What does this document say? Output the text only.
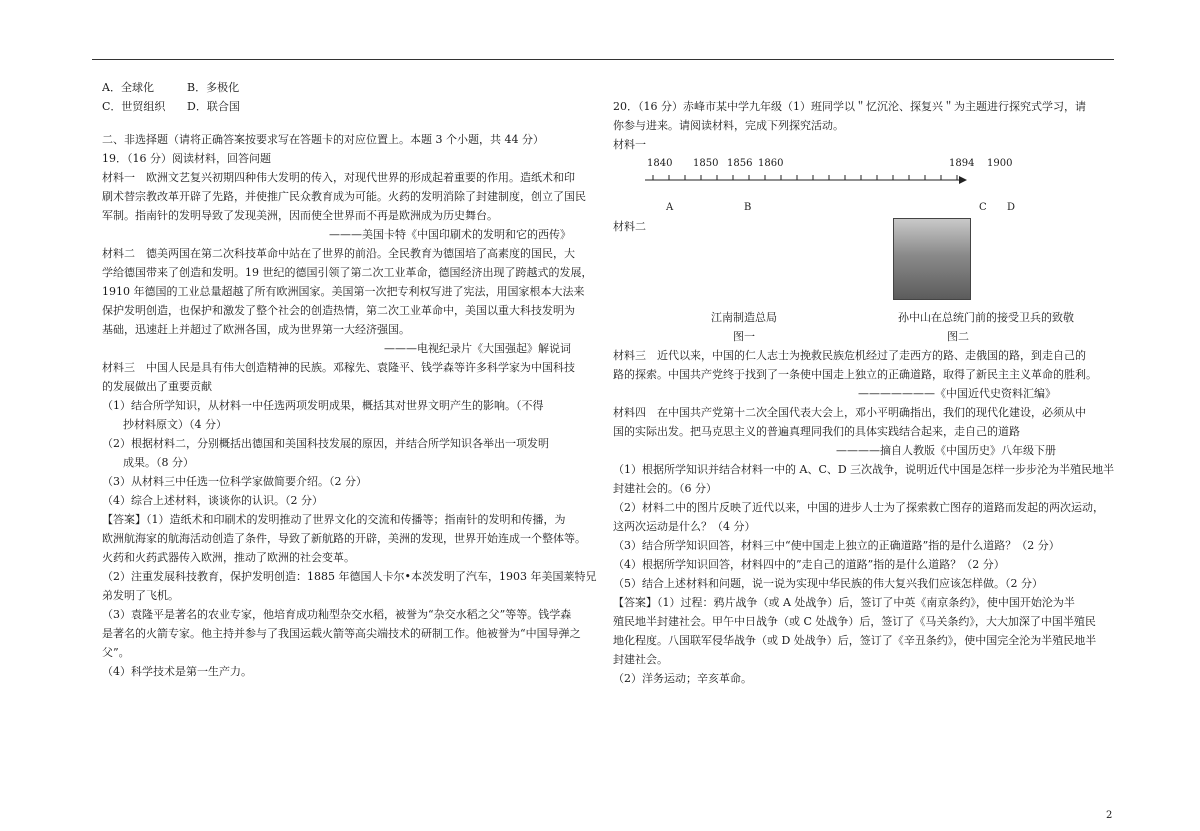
A．全球化	B．多极化
C．世贸组织	D．联合国
二、非选择题（请将正确答案按要求写在答题卡的对应位置上。本题 3 个小题，共 44 分）
19．（16 分）阅读材料，回答问题
材料一　欧洲文艺复兴初期四种伟大发明的传入，对现代世界的形成起着重要的作用。造纸术和印
刷术替宗教改革开辟了先路，并使推广民众教育成为可能。火药的发明消除了封建制度，创立了国民
军制。指南针的发明导致了发现美洲，因而使全世界而不再是欧洲成为历史舞台。
———美国卡特《中国印刷术的发明和它的西传》
材料二　德美两国在第二次科技革命中站在了世界的前沿。全民教育为德国培了高素度的国民，大
学给德国带来了创造和发明。19 世纪的德国引领了第二次工业革命，德国经济出现了跨越式的发展，
1910 年德国的工业总量超越了所有欧洲国家。美国第一次把专利权写进了宪法，用国家根本大法来
保护发明创造，也保护和激发了整个社会的创造热情，第二次工业革命中，美国以重大科技发明为
基础，迅速赶上并超过了欧洲各国，成为世界第一大经济强国。
———电视纪录片《大国强起》解说词
材料三　中国人民是具有伟大创造精神的民族。邓稼先、袁隆平、钱学森等许多科学家为中国科技
的发展做出了重要贡献
（1）结合所学知识，从材料一中任选两项发明成果，概括其对世界文明产生的影响。（不得
抄材料原文）（4 分）
（2）根据材料二，分别概括出德国和美国科技发展的原因，并结合所学知识各举出一项发明
成果。（8 分）
（3）从材料三中任选一位科学家做简要介绍。（2 分）
（4）综合上述材料，谈谈你的认识。（2 分）
【答案】（1）造纸术和印刷术的发明推动了世界文化的交流和传播等；指南针的发明和传播，为
欧洲航海家的航海活动创造了条件，导致了新航路的开辟，美洲的发现，世界开始连成一个整体等。
火药和火药武器传入欧洲，推动了欧洲的社会变革。
（2）注重发展科技教育，保护发明创造：1885 年德国人卡尔•本茨发明了汽车，1903 年美国莱特兄
弟发明了飞机。
（3）袁隆平是著名的农业专家，他培育成功籼型杂交水稻，被誉为“杂交水稻之父”等等。钱学森
是著名的火箭专家。他主持并参与了我国运载火箭等高尖端技术的研制工作。他被誉为“中国导弹之
父”。
（4）科学技术是第一生产力。
20．（16 分）赤峰市某中学九年级（1）班同学以＂忆沉沦、探复兴＂为主题进行探究式学习，请
你参与进来。请阅读材料，完成下列探究活动。
材料一
1840 1850 1856 1860	1894 1900
A	B	C D
材料二
江南制造总局	孙中山在总统门前的接受卫兵的致敬
图一	图二
材料三　近代以来，中国的仁人志士为挽救民族危机经过了走西方的路、走俄国的路，到走自己的
路的探索。中国共产党终于找到了一条使中国走上独立的正确道路，取得了新民主主义革命的胜利。
———————《中国近代史资料汇编》
材料四　在中国共产党第十二次全国代表大会上，邓小平明确指出，我们的现代化建设，必须从中
国的实际出发。把马克思主义的普遍真理同我们的具体实践结合起来，走自己的道路
————摘自人教版《中国历史》八年级下册
（1）根据所学知识并结合材料一中的 A、C、D 三次战争，说明近代中国是怎样一步步沦为半殖民地半
封建社会的。（6 分）
（2）材料二中的图片反映了近代以来，中国的进步人士为了探索救亡图存的道路而发起的两次运动，
这两次运动是什么？（4 分）
（3）结合所学知识回答，材料三中“使中国走上独立的正确道路”指的是什么道路？（2 分）
（4）根据所学知识回答，材料四中的”走自己的道路”指的是什么道路？（2 分）
（5）结合上述材料和问题，说一说为实现中华民族的伟大复兴我们应该怎样做。（2 分）
【答案】（1）过程：鸦片战争（或 A 处战争）后，签订了中英《南京条约》，使中国开始沦为半
殖民地半封建社会。甲午中日战争（或 C 处战争）后，签订了《马关条约》，大大加深了中国半殖民
地化程度。八国联军侵华战争（或 D 处战争）后，签订了《辛丑条约》，使中国完全沦为半殖民地半
封建社会。
（2）洋务运动；辛亥革命。
2
